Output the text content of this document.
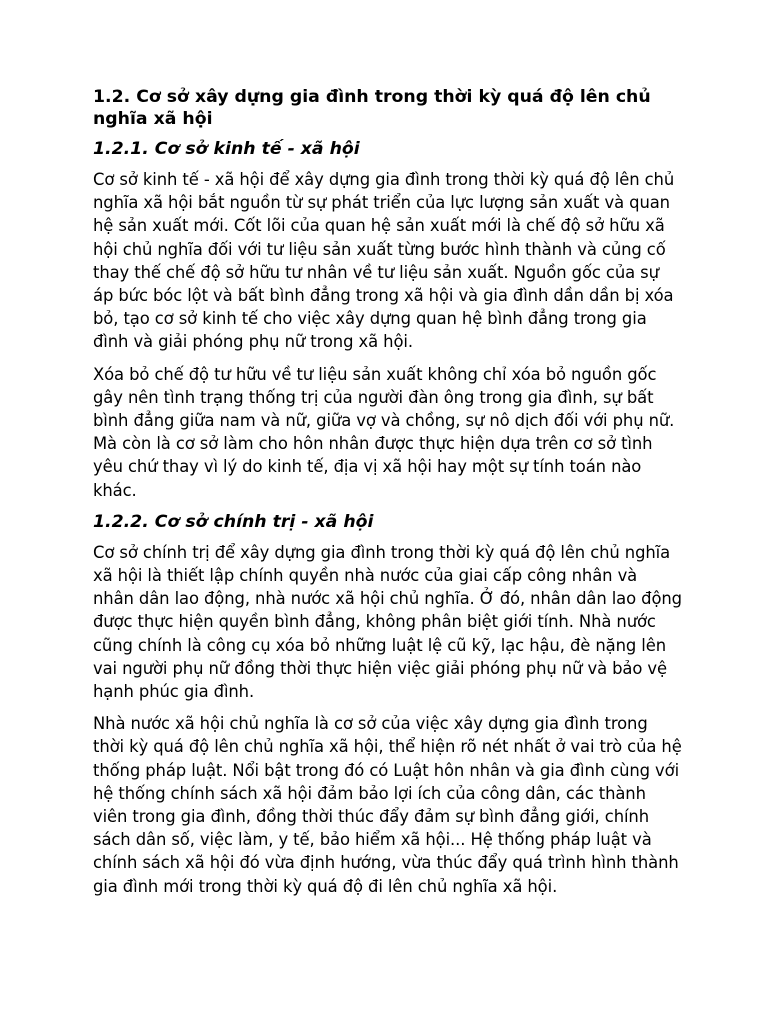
1.2. Cơ sở xây dựng gia đình trong thời kỳ quá độ lên chủ nghĩa xã hội
1.2.1. Cơ sở kinh tế - xã hội

Cơ sở kinh tế - xã hội để xây dựng gia đình trong thời kỳ quá độ lên chủ nghĩa xã hội bắt nguồn từ sự phát triển của lực lượng sản xuất và quan hệ sản xuất mới. Cốt lõi của quan hệ sản xuất mới là chế độ sở hữu xã hội chủ nghĩa đối với tư liệu sản xuất từng bước hình thành và củng cố thay thế chế độ sở hữu tư nhân về tư liệu sản xuất. Nguồn gốc của sự áp bức bóc lột và bất bình đẳng trong xã hội và gia đình dần dần bị xóa bỏ, tạo cơ sở kinh tế cho việc xây dựng quan hệ bình đẳng trong gia đình và giải phóng phụ nữ trong xã hội.

Xóa bỏ chế độ tư hữu về tư liệu sản xuất không chỉ xóa bỏ nguồn gốc gây nên tình trạng thống trị của người đàn ông trong gia đình, sự bất bình đẳng giữa nam và nữ, giữa vợ và chồng, sự nô dịch đối với phụ nữ. Mà còn là cơ sở làm cho hôn nhân được thực hiện dựa trên cơ sở tình yêu chứ thay vì lý do kinh tế, địa vị xã hội hay một sự tính toán nào khác.

1.2.2. Cơ sở chính trị - xã hội

Cơ sở chính trị để xây dựng gia đình trong thời kỳ quá độ lên chủ nghĩa xã hội là thiết lập chính quyền nhà nước của giai cấp công nhân và nhân dân lao động, nhà nước xã hội chủ nghĩa. Ở đó, nhân dân lao động được thực hiện quyền bình đẳng, không phân biệt giới tính. Nhà nước cũng chính là công cụ xóa bỏ những luật lệ cũ kỹ, lạc hậu, đè nặng lên vai người phụ nữ đồng thời thực hiện việc giải phóng phụ nữ và bảo vệ hạnh phúc gia đình.

Nhà nước xã hội chủ nghĩa là cơ sở của việc xây dựng gia đình trong thời kỳ quá độ lên chủ nghĩa xã hội, thể hiện rõ nét nhất ở vai trò của hệ thống pháp luật. Nổi bật trong đó có Luật hôn nhân và gia đình cùng với hệ thống chính sách xã hội đảm bảo lợi ích của công dân, các thành viên trong gia đình, đồng thời thúc đẩy đảm sự bình đẳng giới, chính sách dân số, việc làm, y tế, bảo hiểm xã hội... Hệ thống pháp luật và chính sách xã hội đó vừa định hướng, vừa thúc đẩy quá trình hình thành gia đình mới trong thời kỳ quá độ đi lên chủ nghĩa xã hội.
